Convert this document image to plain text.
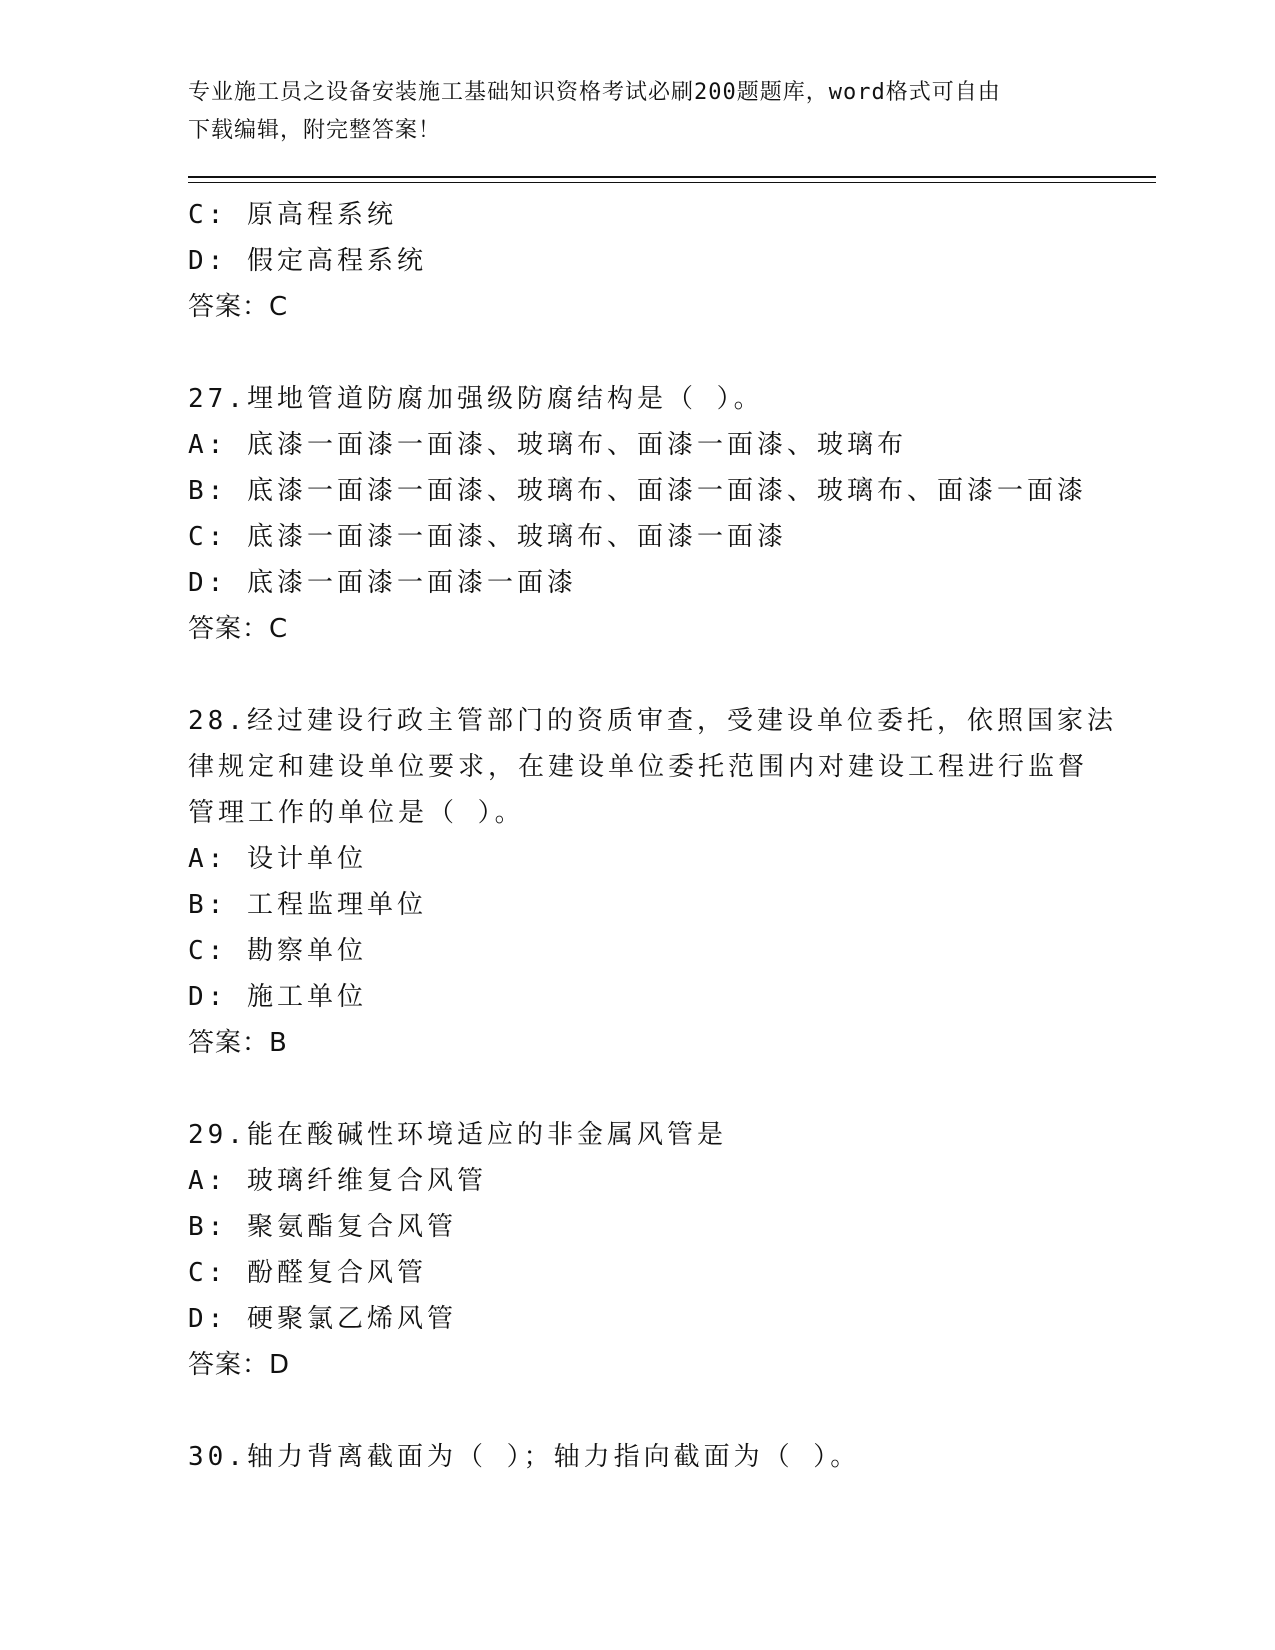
专业施工员之设备安装施工基础知识资格考试必刷200题题库，word格式可自由
下载编辑，附完整答案！
C: 原高程系统
D: 假定高程系统
答案：C
27.埋地管道防腐加强级防腐结构是（ ）。
A: 底漆一面漆一面漆、玻璃布、面漆一面漆、玻璃布
B: 底漆一面漆一面漆、玻璃布、面漆一面漆、玻璃布、面漆一面漆
C: 底漆一面漆一面漆、玻璃布、面漆一面漆
D: 底漆一面漆一面漆一面漆
答案：C
28.经过建设行政主管部门的资质审查，受建设单位委托，依照国家法
律规定和建设单位要求，在建设单位委托范围内对建设工程进行监督
管理工作的单位是（ ）。
A: 设计单位
B: 工程监理单位
C: 勘察单位
D: 施工单位
答案：B
29.能在酸碱性环境适应的非金属风管是
A: 玻璃纤维复合风管
B: 聚氨酯复合风管
C: 酚醛复合风管
D: 硬聚氯乙烯风管
答案：D
30.轴力背离截面为（ ）；轴力指向截面为（ ）。
